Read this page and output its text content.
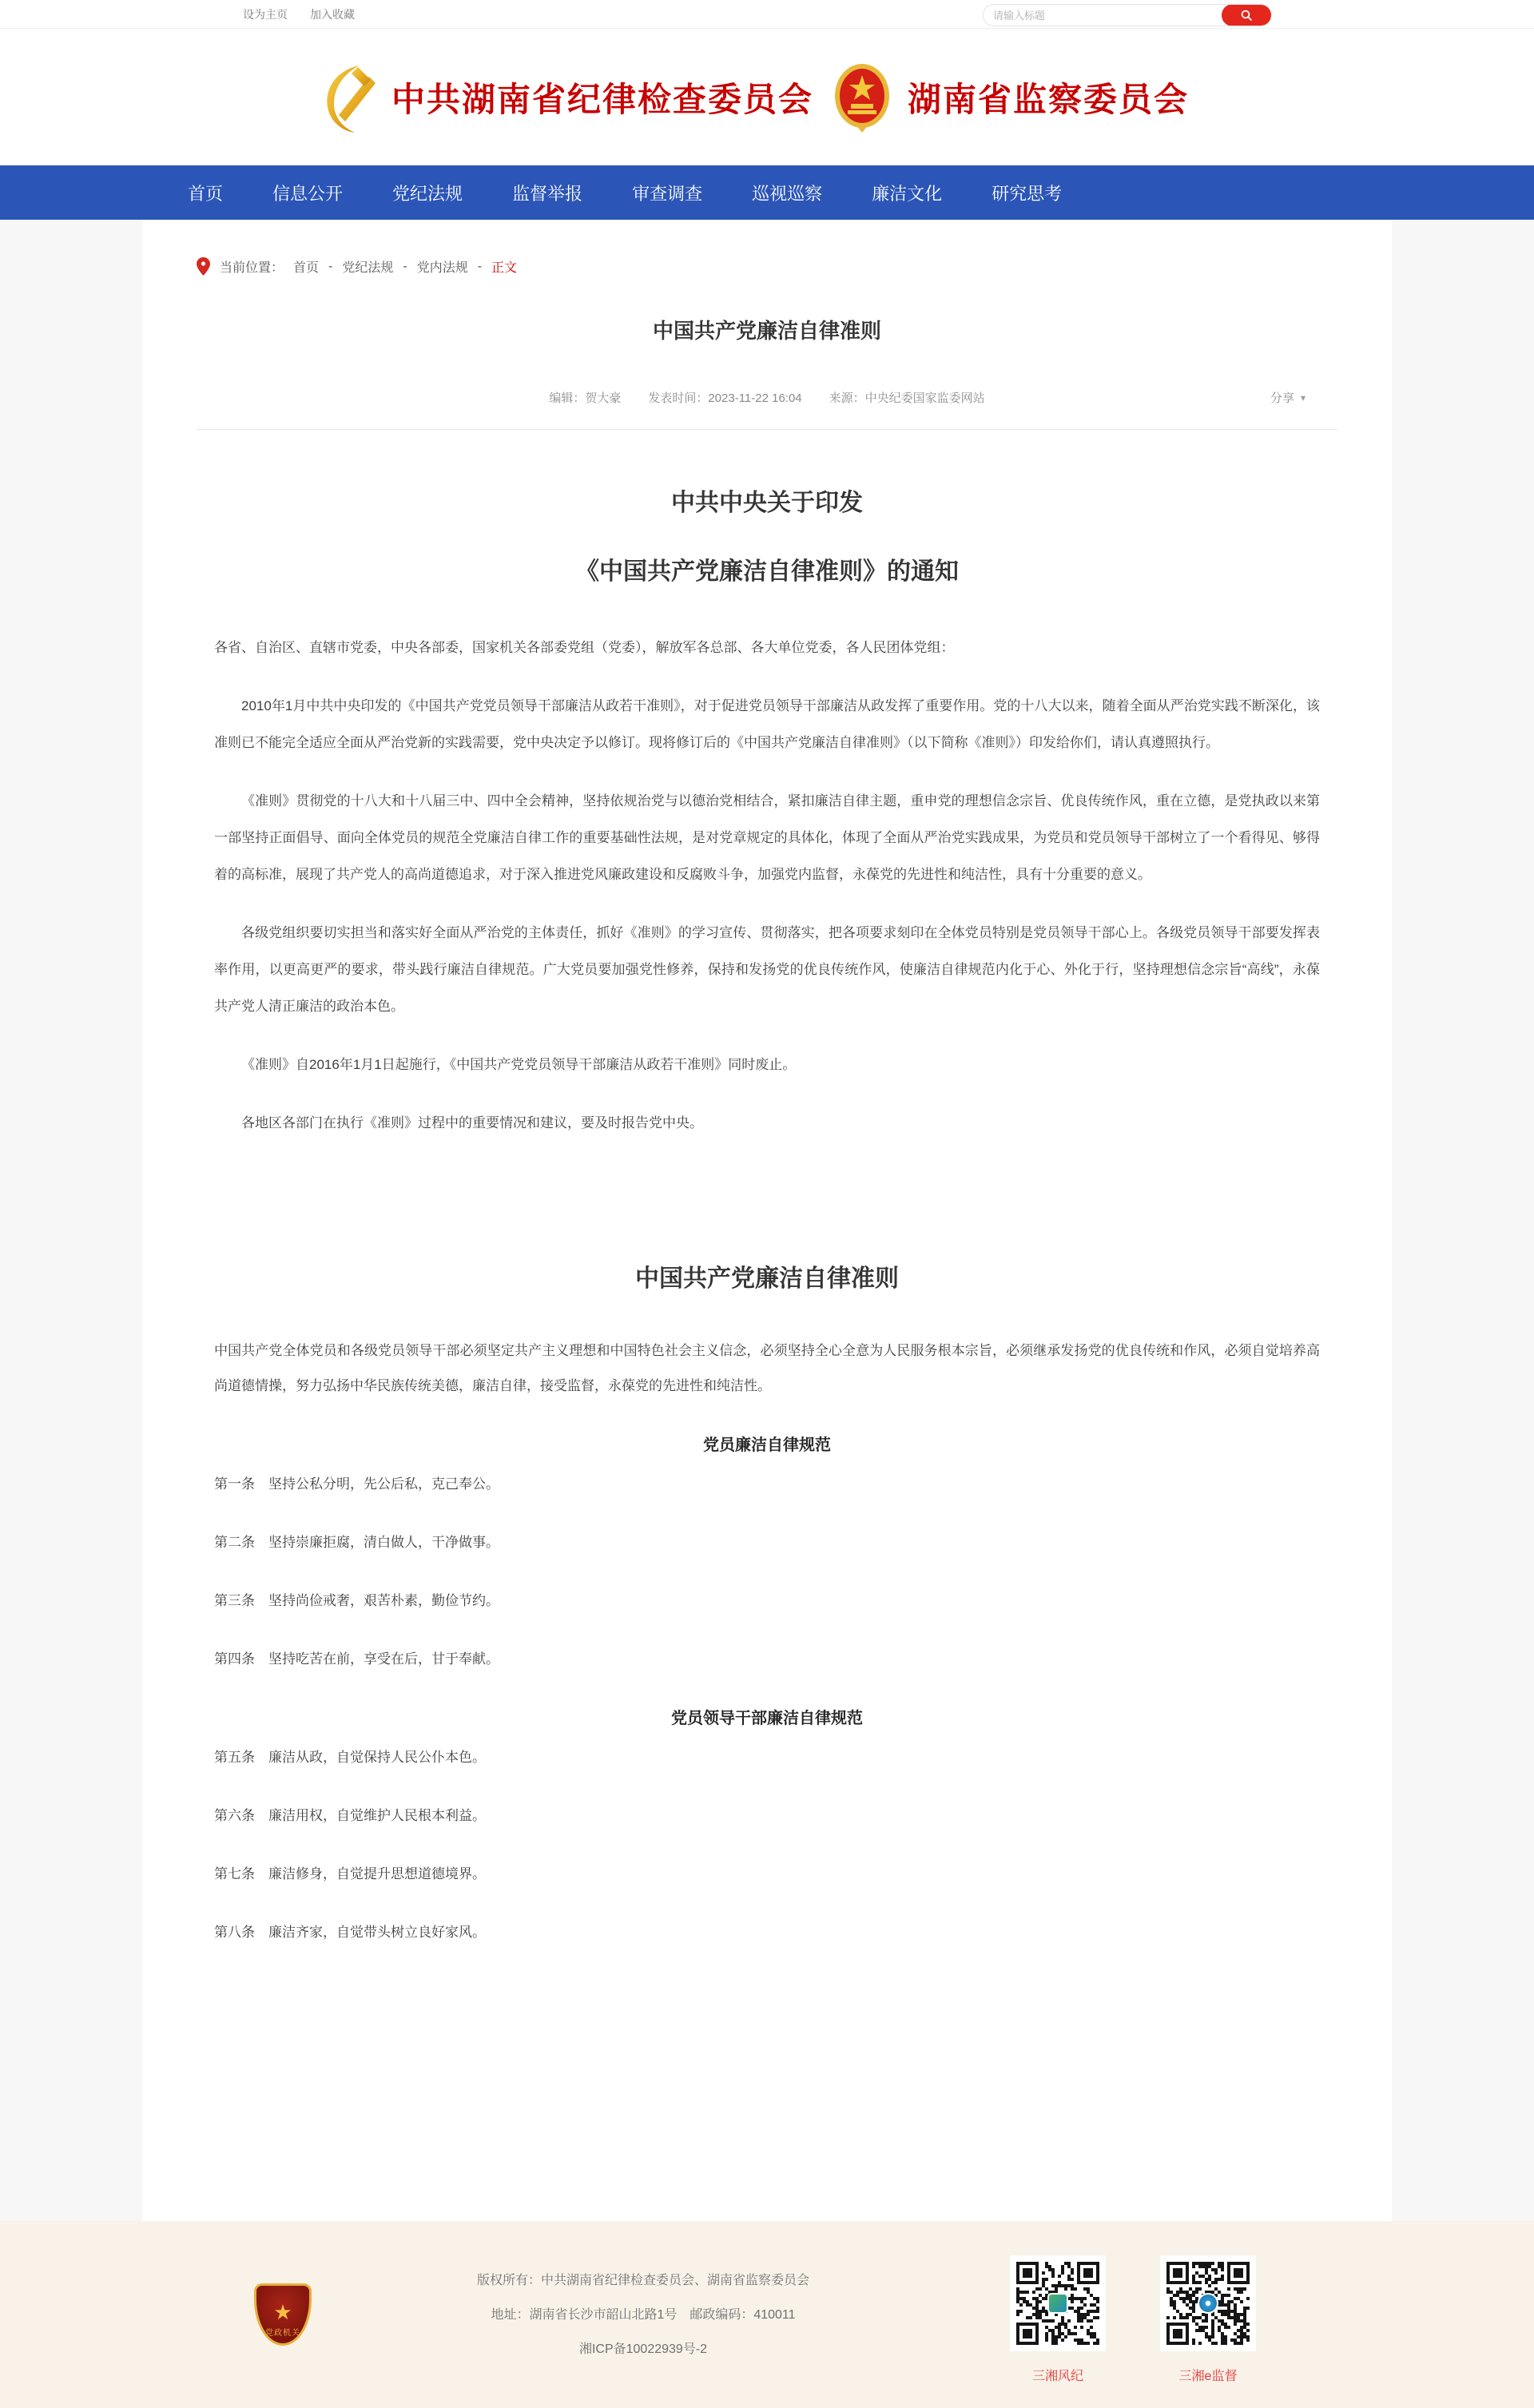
设为主页 加入收藏
请输入标题
中共湖南省纪律检查委员会	湖南省监察委员会
首页	信息公开	党纪法规	监督举报	审查调查	巡视巡察	廉洁文化	研究思考
当前位置： 首页 - 党纪法规 - 党内法规 - 正文
中国共产党廉洁自律准则
编辑：贺大豪 发表时间：2023-11-22 16:04 来源：中央纪委国家监委网站	分享 ▾
中共中央关于印发
《中国共产党廉洁自律准则》的通知

各省、自治区、直辖市党委，中央各部委，国家机关各部委党组（党委），解放军各总部、各大单位党委，各人民团体党组：

2010年1月中共中央印发的《中国共产党党员领导干部廉洁从政若干准则》，对于促进党员领导干部廉洁从政发挥了重要作用。党的十八大以来，随着全面从严治党实践不断深化，该准则已不能完全适应全面从严治党新的实践需要，党中央决定予以修订。现将修订后的《中国共产党廉洁自律准则》（以下简称《准则》）印发给你们，请认真遵照执行。

《准则》贯彻党的十八大和十八届三中、四中全会精神，坚持依规治党与以德治党相结合，紧扣廉洁自律主题，重申党的理想信念宗旨、优良传统作风，重在立德，是党执政以来第一部坚持正面倡导、面向全体党员的规范全党廉洁自律工作的重要基础性法规，是对党章规定的具体化，体现了全面从严治党实践成果，为党员和党员领导干部树立了一个看得见、够得着的高标准，展现了共产党人的高尚道德追求，对于深入推进党风廉政建设和反腐败斗争，加强党内监督，永葆党的先进性和纯洁性，具有十分重要的意义。

各级党组织要切实担当和落实好全面从严治党的主体责任，抓好《准则》的学习宣传、贯彻落实，把各项要求刻印在全体党员特别是党员领导干部心上。各级党员领导干部要发挥表率作用，以更高更严的要求，带头践行廉洁自律规范。广大党员要加强党性修养，保持和发扬党的优良传统作风，使廉洁自律规范内化于心、外化于行，坚持理想信念宗旨“高线”，永葆共产党人清正廉洁的政治本色。

《准则》自2016年1月1日起施行，《中国共产党党员领导干部廉洁从政若干准则》同时废止。

各地区各部门在执行《准则》过程中的重要情况和建议，要及时报告党中央。

中国共产党廉洁自律准则

中国共产党全体党员和各级党员领导干部必须坚定共产主义理想和中国特色社会主义信念，必须坚持全心全意为人民服务根本宗旨，必须继承发扬党的优良传统和作风，必须自觉培养高尚道德情操，努力弘扬中华民族传统美德，廉洁自律，接受监督，永葆党的先进性和纯洁性。

党员廉洁自律规范
第一条　坚持公私分明，先公后私，克己奉公。
第二条　坚持崇廉拒腐，清白做人，干净做事。
第三条　坚持尚俭戒奢，艰苦朴素，勤俭节约。
第四条　坚持吃苦在前，享受在后，甘于奉献。
党员领导干部廉洁自律规范
第五条　廉洁从政，自觉保持人民公仆本色。
第六条　廉洁用权，自觉维护人民根本利益。
第七条　廉洁修身，自觉提升思想道德境界。
第八条　廉洁齐家，自觉带头树立良好家风。
★
党政机关
版权所有：中共湖南省纪律检查委员会、湖南省监察委员会
地址：湖南省长沙市韶山北路1号　邮政编码：410011
湘ICP备10022939号-2
三湘风纪	三湘e监督
